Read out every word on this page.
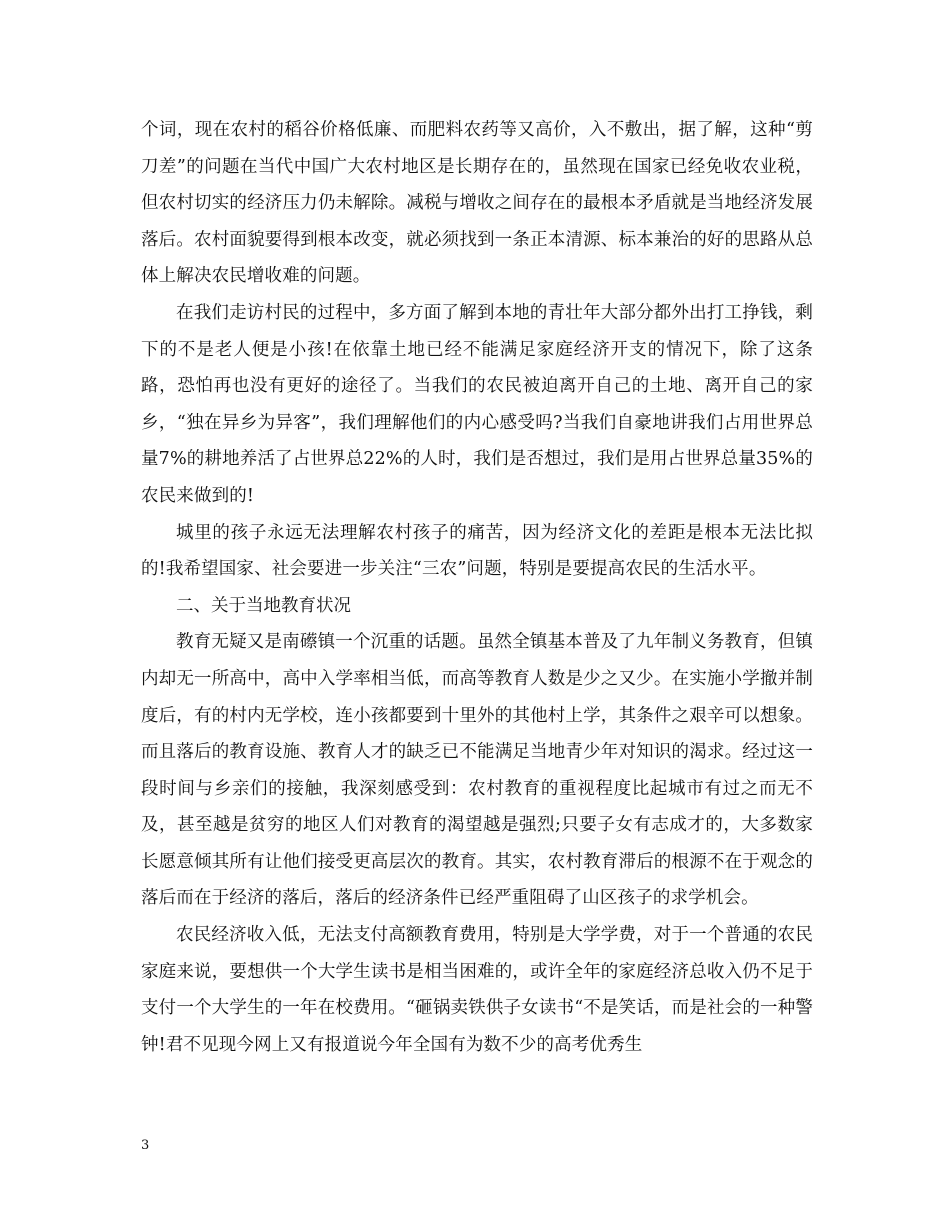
个词，现在农村的稻谷价格低廉、而肥料农药等又高价，入不敷出，据了解，这种“剪刀差”的问题在当代中国广大农村地区是长期存在的，虽然现在国家已经免收农业税，但农村切实的经济压力仍未解除。减税与增收之间存在的最根本矛盾就是当地经济发展落后。农村面貌要得到根本改变，就必须找到一条正本清源、标本兼治的好的思路从总体上解决农民增收难的问题。

在我们走访村民的过程中，多方面了解到本地的青壮年大部分都外出打工挣钱，剩下的不是老人便是小孩!在依靠土地已经不能满足家庭经济开支的情况下，除了这条路，恐怕再也没有更好的途径了。当我们的农民被迫离开自己的土地、离开自己的家乡，“独在异乡为异客”，我们理解他们的内心感受吗?当我们自豪地讲我们占用世界总量7%的耕地养活了占世界总22%的人时，我们是否想过，我们是用占世界总量35%的农民来做到的!

城里的孩子永远无法理解农村孩子的痛苦，因为经济文化的差距是根本无法比拟的!我希望国家、社会要进一步关注“三农”问题，特别是要提高农民的生活水平。

二、关于当地教育状况

教育无疑又是南礤镇一个沉重的话题。虽然全镇基本普及了九年制义务教育，但镇内却无一所高中，高中入学率相当低，而高等教育人数是少之又少。在实施小学撤并制度后，有的村内无学校，连小孩都要到十里外的其他村上学，其条件之艰辛可以想象。而且落后的教育设施、教育人才的缺乏已不能满足当地青少年对知识的渴求。经过这一段时间与乡亲们的接触，我深刻感受到：农村教育的重视程度比起城市有过之而无不及，甚至越是贫穷的地区人们对教育的渴望越是强烈;只要子女有志成才的，大多数家长愿意倾其所有让他们接受更高层次的教育。其实，农村教育滞后的根源不在于观念的落后而在于经济的落后，落后的经济条件已经严重阻碍了山区孩子的求学机会。

农民经济收入低，无法支付高额教育费用，特别是大学学费，对于一个普通的农民家庭来说，要想供一个大学生读书是相当困难的，或许全年的家庭经济总收入仍不足于支付一个大学生的一年在校费用。“砸锅卖铁供子女读书“不是笑话，而是社会的一种警钟!君不见现今网上又有报道说今年全国有为数不少的高考优秀生

3
